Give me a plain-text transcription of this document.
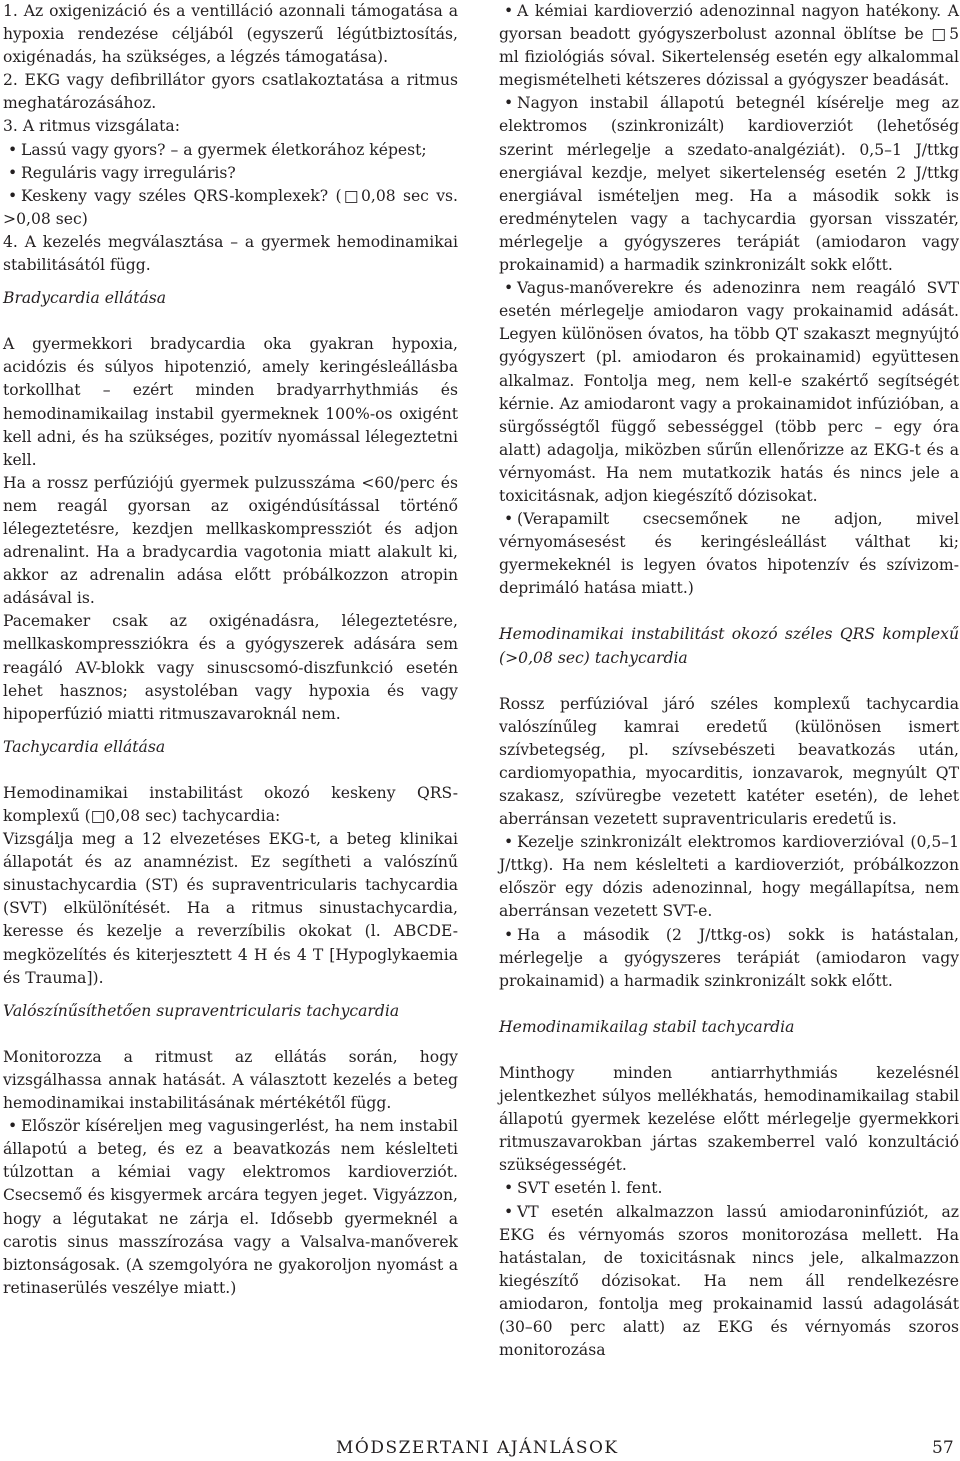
1. Az oxigenizáció és a ventilláció azonnali támogatása a hypoxia rendezése céljából (egyszerű légútbiztosítás, oxigénadás, ha szükséges, a légzés támogatása).

2. EKG vagy defibrillátor gyors csatlakoztatása a ritmus meghatározásához.

3. A ritmus vizsgálata:

• Lassú vagy gyors? – a gyermek életkorához képest;

• Reguláris vagy irreguláris?

• Keskeny vagy széles QRS-komplexek? (□0,08 sec vs. >0,08 sec)

4. A kezelés megválasztása – a gyermek hemodinamikai stabilitásától függ.

Bradycardia ellátása

A gyermekkori bradycardia oka gyakran hypoxia, acidózis és súlyos hipotenzió, amely keringésleállásba torkollhat – ezért minden bradyarrhythmiás és hemodinamikailag instabil gyermeknek 100%-os oxigént kell adni, és ha szükséges, pozitív nyomással lélegeztetni kell.

Ha a rossz perfúziójú gyermek pulzusszáma <60/perc és nem reagál gyorsan az oxigéndúsítással történő lélegeztetésre, kezdjen mellkaskompressziót és adjon adrenalint. Ha a bradycardia vagotonia miatt alakult ki, akkor az adrenalin adása előtt próbálkozzon atropin adásával is.

Pacemaker csak az oxigénadásra, lélegeztetésre, mellkaskompressziókra és a gyógyszerek adására sem reagáló AV-blokk vagy sinuscsomó-diszfunkció esetén lehet hasznos; asystoléban vagy hypoxia és vagy hipoperfúzió miatti ritmuszavaroknál nem.

Tachycardia ellátása

Hemodinamikai instabilitást okozó keskeny QRS-komplexű (□0,08 sec) tachycardia:

Vizsgálja meg a 12 elvezetéses EKG-t, a beteg klinikai állapotát és az anamnézist. Ez segítheti a valószínű sinustachycardia (ST) és supraventricularis tachycardia (SVT) elkülönítését. Ha a ritmus sinustachycardia, keresse és kezelje a reverzíbilis okokat (l. ABCDE-megközelítés és kiterjesztett 4 H és 4 T [Hypoglykaemia és Trauma]).

Valószínűsíthetően supraventricularis tachycardia

Monitorozza a ritmust az ellátás során, hogy vizsgálhassa annak hatását. A választott kezelés a beteg hemodinamikai instabilitásának mértékétől függ.

• Először kíséreljen meg vagusingerlést, ha nem instabil állapotú a beteg, és ez a beavatkozás nem késlelteti túlzottan a kémiai vagy elektromos kardioverziót. Csecsemő és kisgyermek arcára tegyen jeget. Vigyázzon, hogy a légutakat ne zárja el. Idősebb gyermeknél a carotis sinus masszírozása vagy a Valsalva-manőverek biztonságosak. (A szemgolyóra ne gyakoroljon nyomást a retinaserülés veszélye miatt.)

• A kémiai kardioverzió adenozinnal nagyon hatékony. A gyorsan beadott gyógyszerbolust azonnal öblítse be □5 ml fiziológiás sóval. Sikertelenség esetén egy alkalommal megismételheti kétszeres dózissal a gyógyszer beadását.

• Nagyon instabil állapotú betegnél kísérelje meg az elektromos (szinkronizált) kardioverziót (lehetőség szerint mérlegelje a szedato-analgéziát). 0,5–1 J/ttkg energiával kezdje, melyet sikertelenség esetén 2 J/ttkg energiával ismételjen meg. Ha a második sokk is eredménytelen vagy a tachycardia gyorsan visszatér, mérlegelje a gyógyszeres terápiát (amiodaron vagy prokainamid) a harmadik szinkronizált sokk előtt.

• Vagus-manőverekre és adenozinra nem reagáló SVT esetén mérlegelje amiodaron vagy prokainamid adását. Legyen különösen óvatos, ha több QT szakaszt megnyújtó gyógyszert (pl. amiodaron és prokainamid) együttesen alkalmaz. Fontolja meg, nem kell-e szakértő segítségét kérnie. Az amiodaront vagy a prokainamidot infúzióban, a sürgősségtől függő sebességgel (több perc – egy óra alatt) adagolja, miközben sűrűn ellenőrizze az EKG-t és a vérnyomást. Ha nem mutatkozik hatás és nincs jele a toxicitásnak, adjon kiegészítő dózisokat.

• (Verapamilt csecsemőnek ne adjon, mivel vérnyomásesést és keringésleállást válthat ki; gyermekeknél is legyen óvatos hipotenzív és szívizom-deprimáló hatása miatt.)

Hemodinamikai instabilitást okozó széles QRS komplexű (>0,08 sec) tachycardia

Rossz perfúzióval járó széles komplexű tachycardia valószínűleg kamrai eredetű (különösen ismert szívbetegség, pl. szívsebészeti beavatkozás után, cardiomyopathia, myocarditis, ionzavarok, megnyúlt QT szakasz, szívüregbe vezetett katéter esetén), de lehet aberránsan vezetett supraventricularis eredetű is.

• Kezelje szinkronizált elektromos kardioverzióval (0,5–1 J/ttkg). Ha nem késlelteti a kardioverziót, próbálkozzon először egy dózis adenozinnal, hogy megállapítsa, nem aberránsan vezetett SVT-e.

• Ha a második (2 J/ttkg-os) sokk is hatástalan, mérlegelje a gyógyszeres terápiát (amiodaron vagy prokainamid) a harmadik szinkronizált sokk előtt.

Hemodinamikailag stabil tachycardia

Minthogy minden antiarrhythmiás kezelésnél jelentkezhet súlyos mellékhatás, hemodinamikailag stabil állapotú gyermek kezelése előtt mérlegelje gyermekkori ritmuszavarokban jártas szakemberrel való konzultáció szükségességét.

• SVT esetén l. fent.

• VT esetén alkalmazzon lassú amiodaroninfúziót, az EKG és vérnyomás szoros monitorozása mellett. Ha hatástalan, de toxicitásnak nincs jele, alkalmazzon kiegészítő dózisokat. Ha nem áll rendelkezésre amiodaron, fontolja meg prokainamid lassú adagolását (30–60 perc alatt) az EKG és vérnyomás szoros monitorozása

MÓDSZERTANI AJÁNLÁSOK	57
